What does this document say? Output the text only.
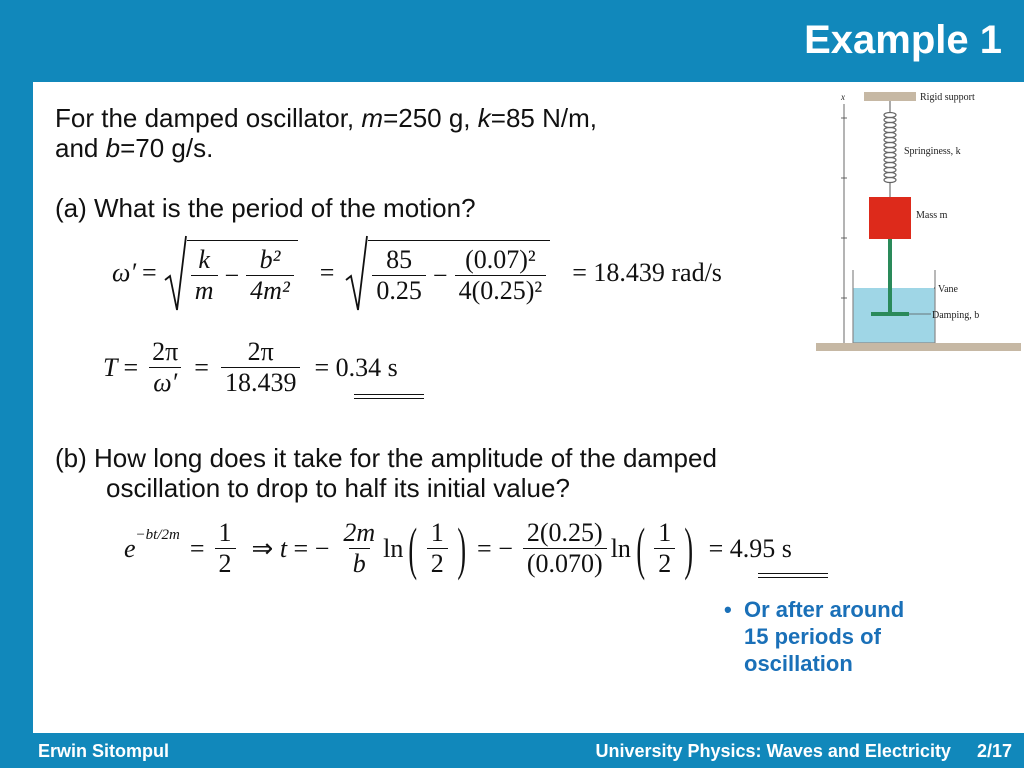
Example 1
For the damped oscillator, m=250 g, k=85 N/m,
and b=70 g/s.
(a) What is the period of the motion?
$\omega' = \frac{k}{m} - \frac{\text{b²}}{\text{4m²}} = \frac{85}{0.25} - \frac{\text{(0.07)²}}{\text{4(0.25)²}} = 18.439$ rad/s
$T = \frac{2\pi}{\omega'} = \frac{2\pi}{18.439} = 0.34$ s
(b) How long does it take for the amplitude of the damped
oscillation to drop to half its initial value?
$e^{-bt/2m} = \frac{1}{2}$ ⇒ t = − $\frac{2m}{b}$ ln ( $\frac{1}{2}$ ) = − $\frac{2(0.25)}{(0.070)}$ ln ( $\frac{1}{2}$ ) = 4.95 s
• Or after around
15 periods of
oscillation
x	Rigid support
Springiness, k
Mass m
Vane
Damping, b
Erwin Sitompul	University Physics: Waves and Electricity 2/17
